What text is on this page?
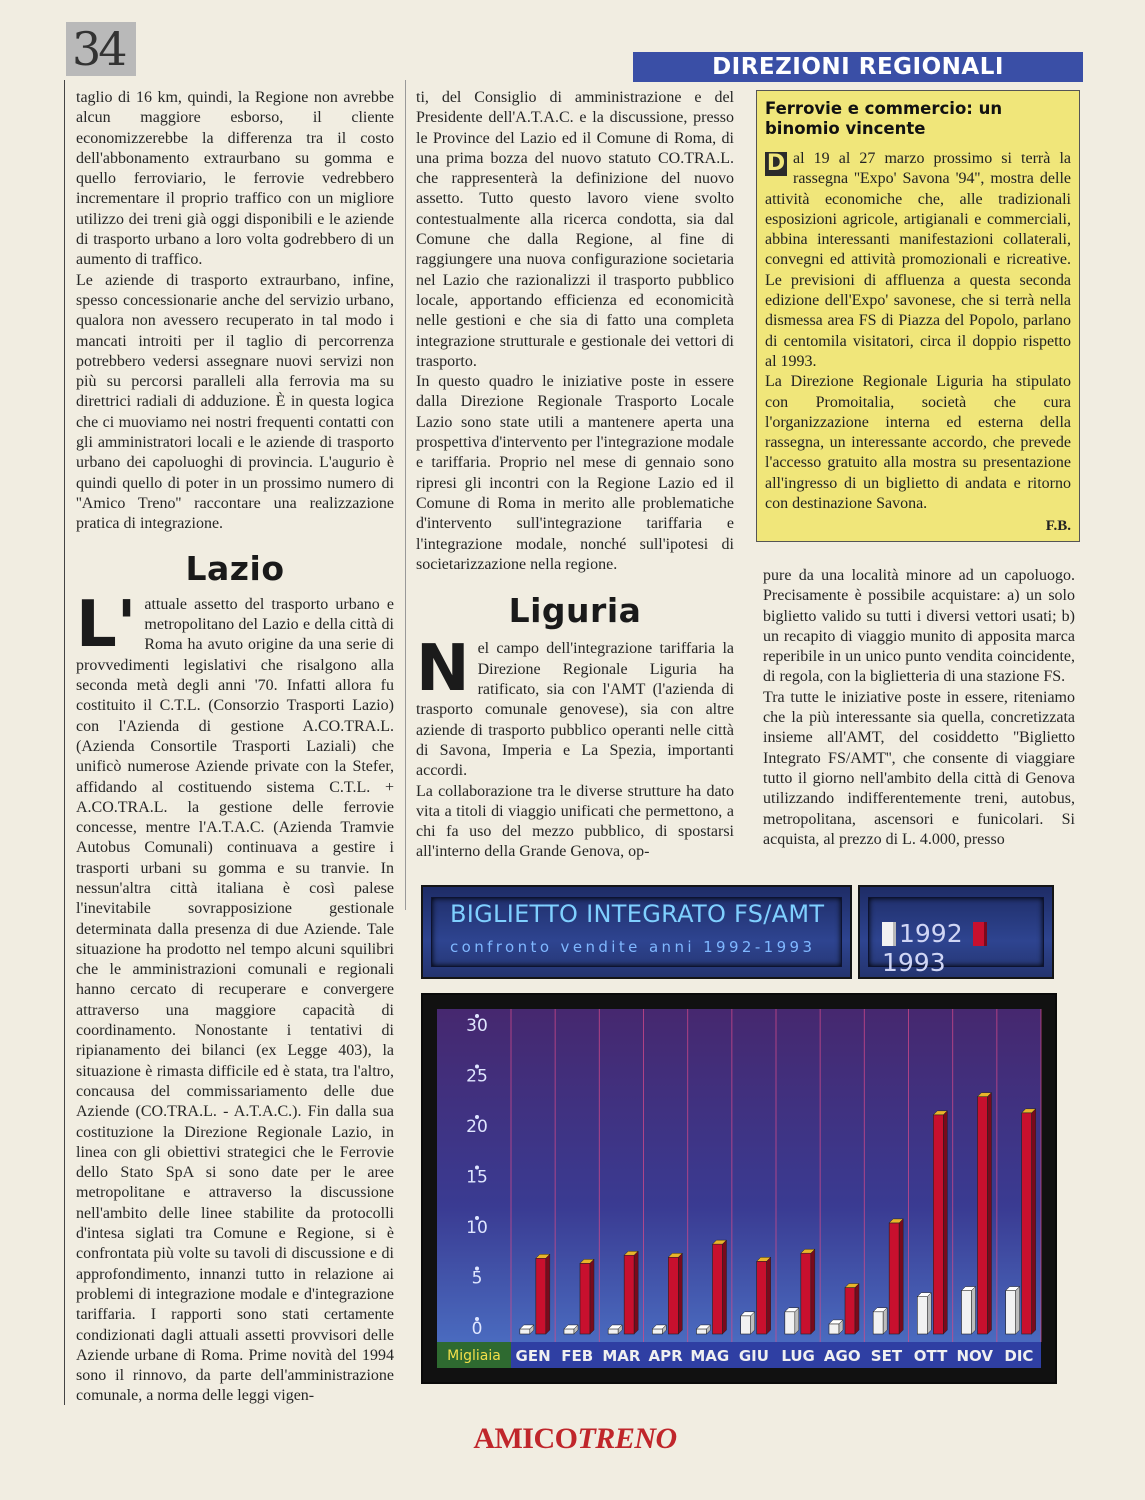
34	DIREZIONI REGIONALI

taglio di 16 km, quindi, la Regione non avrebbe alcun maggiore esborso, il cliente economizzerebbe la differenza tra il costo dell'abbonamento extraurbano su gomma e quello ferroviario, le ferrovie vedrebbero incrementare il proprio traffico con un migliore utilizzo dei treni già oggi disponibili e le aziende di trasporto urbano a loro volta godrebbero di un aumento di traffico.

Le aziende di trasporto extraurbano, infine, spesso concessionarie anche del servizio urbano, qualora non avessero recuperato in tal modo i mancati introiti per il taglio di percorrenza potrebbero vedersi assegnare nuovi servizi non più su percorsi paralleli alla ferrovia ma su direttrici radiali di adduzione. È in questa logica che ci muoviamo nei nostri frequenti contatti con gli amministratori locali e le aziende di trasporto urbano dei capoluoghi di provincia. L'augurio è quindi quello di poter in un prossimo numero di ''Amico Treno'' raccontare una realizzazione pratica di integrazione.

Lazio

L' attuale assetto del trasporto urbano e metropolitano del Lazio e della città di Roma ha avuto origine da una serie di provvedimenti legislativi che risalgono alla seconda metà degli anni '70. Infatti allora fu costituito il C.T.L. (Consorzio Trasporti Lazio) con l'Azienda di gestione A.CO.TRA.L. (Azienda Consortile Trasporti Laziali) che unificò numerose Aziende private con la Stefer, affidando al costituendo sistema C.T.L. + A.CO.TRA.L. la gestione delle ferrovie concesse, mentre l'A.T.A.C. (Azienda Tramvie Autobus Comunali) continuava a gestire i trasporti urbani su gomma e su tranvie. In nessun'altra città italiana è così palese l'inevitabile sovrapposizione gestionale determinata dalla presenza di due Aziende. Tale situazione ha prodotto nel tempo alcuni squilibri che le amministrazioni comunali e regionali hanno cercato di recuperare e convergere attraverso una maggiore capacità di coordinamento. Nonostante i tentativi di ripianamento dei bilanci (ex Legge 403), la situazione è rimasta difficile ed è stata, tra l'altro, concausa del commissariamento delle due Aziende (CO.TRA.L. - A.T.A.C.). Fin dalla sua costituzione la Direzione Regionale Lazio, in linea con gli obiettivi strategici che le Ferrovie dello Stato SpA si sono date per le aree metropolitane e attraverso la discussione nell'ambito delle linee stabilite da protocolli d'intesa siglati tra Comune e Regione, si è confrontata più volte su tavoli di discussione e di approfondimento, innanzi tutto in relazione ai problemi di integrazione modale e d'integrazione tariffaria. I rapporti sono stati certamente condizionati dagli attuali assetti provvisori delle Aziende urbane di Roma. Prime novità del 1994 sono il rinnovo, da parte dell'amministrazione comunale, a norma delle leggi vigen-

ti, del Consiglio di amministrazione e del Presidente dell'A.T.A.C. e la discussione, presso le Province del Lazio ed il Comune di Roma, di una prima bozza del nuovo statuto CO.TRA.L. che rappresenterà la definizione del nuovo assetto. Tutto questo lavoro viene svolto contestualmente alla ricerca condotta, sia dal Comune che dalla Regione, al fine di raggiungere una nuova configurazione societaria nel Lazio che razionalizzi il trasporto pubblico locale, apportando efficienza ed economicità nelle gestioni e che sia di fatto una completa integrazione strutturale e gestionale dei vettori di trasporto.

In questo quadro le iniziative poste in essere dalla Direzione Regionale Trasporto Locale Lazio sono state utili a mantenere aperta una prospettiva d'intervento per l'integrazione modale e tariffaria. Proprio nel mese di gennaio sono ripresi gli incontri con la Regione Lazio ed il Comune di Roma in merito alle problematiche d'intervento sull'integrazione tariffaria e l'integrazione modale, nonché sull'ipotesi di societarizzazione nella regione.

Liguria

Nel campo dell'integrazione tariffaria la Direzione Regionale Liguria ha ratificato, sia con l'AMT (l'azienda di trasporto comunale genovese), sia con altre aziende di trasporto pubblico operanti nelle città di Savona, Imperia e La Spezia, importanti accordi.

La collaborazione tra le diverse strutture ha dato vita a titoli di viaggio unificati che permettono, a chi fa uso del mezzo pubblico, di spostarsi all'interno della Grande Genova, op-

Ferrovie e commercio: un binomio vincente

D al 19 al 27 marzo prossimo si terrà la rassegna ''Expo' Savona '94'', mostra delle attività economiche che, alle tradizionali esposizioni agricole, artigianali e commerciali, abbina interessanti manifestazioni collaterali, convegni ed attività promozionali e ricreative. Le previsioni di affluenza a questa seconda edizione dell'Expo' savonese, che si terrà nella dismessa area FS di Piazza del Popolo, parlano di centomila visitatori, circa il doppio rispetto al 1993.

La Direzione Regionale Liguria ha stipulato con Promoitalia, società che cura l'organizzazione interna ed esterna della rassegna, un interessante accordo, che prevede l'accesso gratuito alla mostra su presentazione all'ingresso di un biglietto di andata e ritorno con destinazione Savona.

F.B.

pure da una località minore ad un capoluogo. Precisamente è possibile acquistare: a) un solo biglietto valido su tutti i diversi vettori usati; b) un recapito di viaggio munito di apposita marca reperibile in un unico punto vendita coincidente, di regola, con la biglietteria di una stazione FS.

Tra tutte le iniziative poste in essere, riteniamo che la più interessante sia quella, concretizzata insieme all'AMT, del cosiddetto ''Biglietto Integrato FS/AMT'', che consente di viaggiare tutto il giorno nell'ambito della città di Genova utilizzando indifferentemente treni, autobus, metropolitana, ascensori e funicolari. Si acquista, al prezzo di L. 4.000, presso

BIGLIETTO INTEGRATO FS/AMT
confronto vendite anni 1992-1993	1992 1993
0
5
10
15
20
25
30
Migliaia GEN FEB MAR APR MAG GIU LUG AGO SET OTT NOV DIC
AMICOTRENO
